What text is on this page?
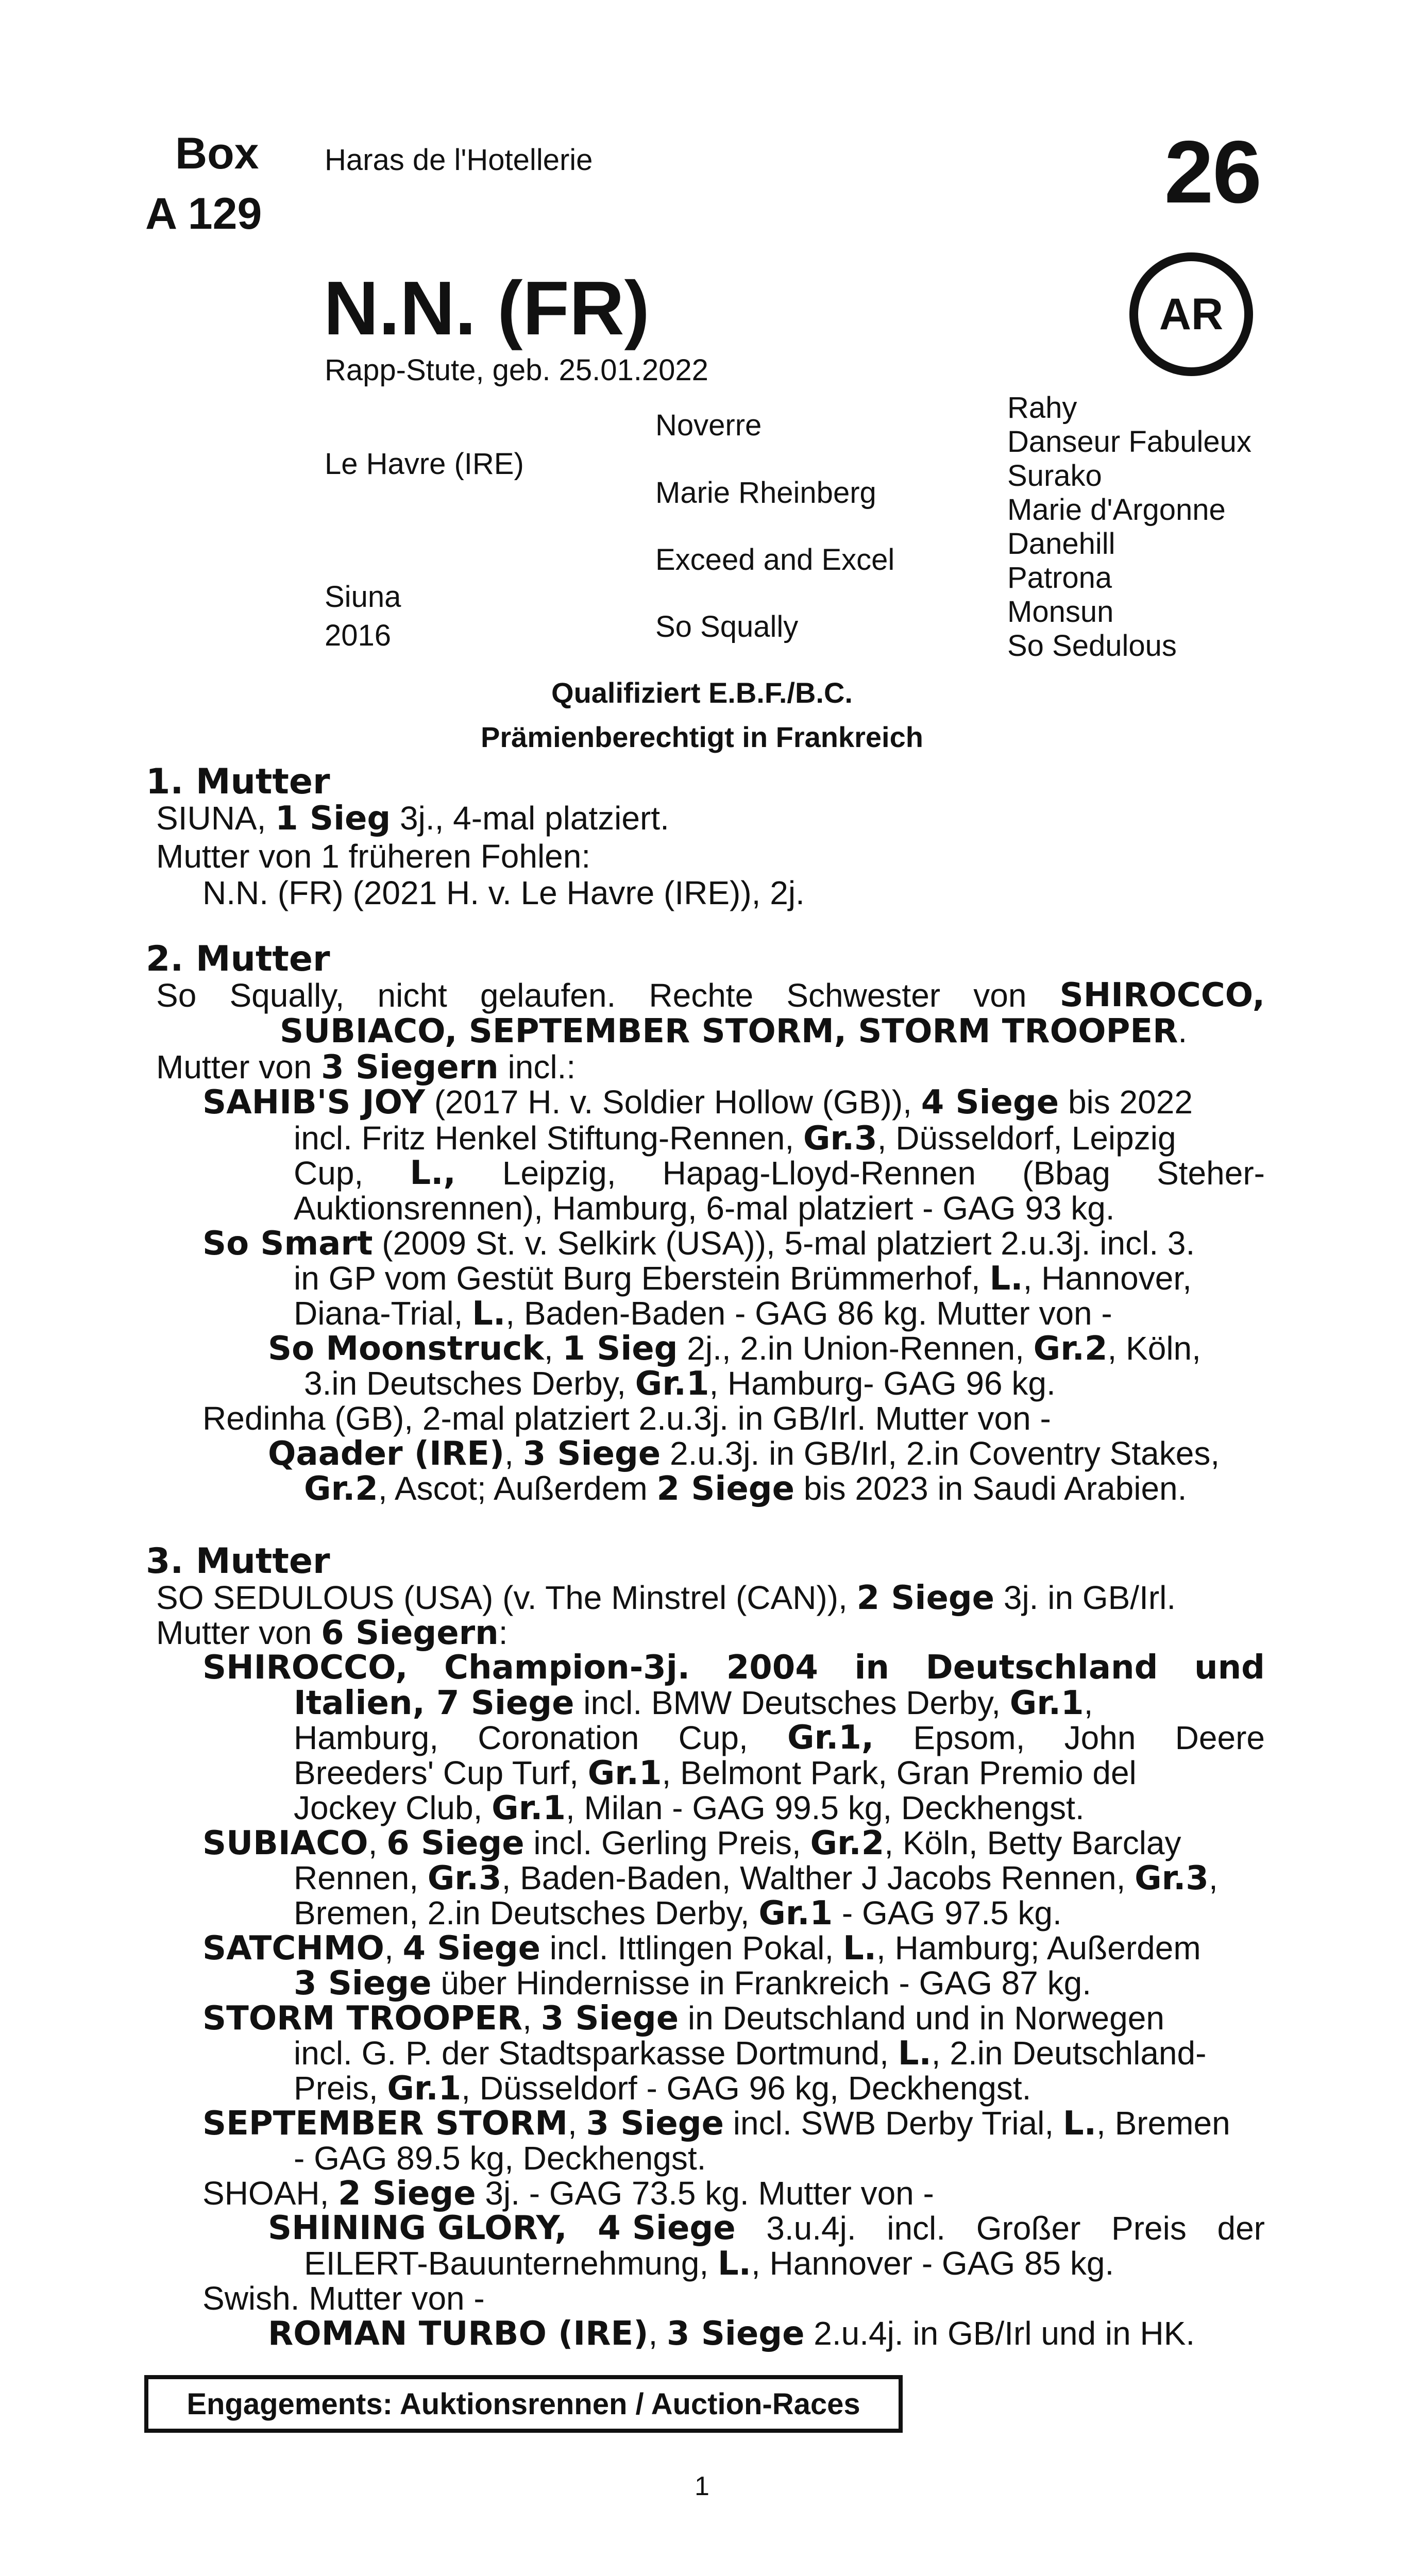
Box
A 129
Haras de l'Hotellerie	26
AR
N.N. (FR)
Rapp-Stute, geb. 25.01.2022
Le Havre (IRE)
Siuna
2016
Noverre
Marie Rheinberg
Exceed and Excel
So Squally
Rahy
Danseur Fabuleux
Surako
Marie d'Argonne
Danehill
Patrona
Monsun
So Sedulous
Qualifiziert E.B.F./B.C.
Prämienberechtigt in Frankreich
1. Mutter
SIUNA, 1 Sieg 3j., 4-mal platziert.
Mutter von 1 früheren Fohlen:
N.N. (FR) (2021 H. v. Le Havre (IRE)), 2j.
2. Mutter
So Squally, nicht gelaufen. Rechte Schwester von SHIROCCO,
SUBIACO, SEPTEMBER STORM, STORM TROOPER.
Mutter von 3 Siegern incl.:
SAHIB'S JOY (2017 H. v. Soldier Hollow (GB)), 4 Siege bis 2022
incl. Fritz Henkel Stiftung-Rennen, Gr.3, Düsseldorf, Leipzig
Cup, L., Leipzig, Hapag-Lloyd-Rennen (Bbag Steher-
Auktionsrennen), Hamburg, 6-mal platziert - GAG 93 kg.
So Smart (2009 St. v. Selkirk (USA)), 5-mal platziert 2.u.3j. incl. 3.
in GP vom Gestüt Burg Eberstein Brümmerhof, L., Hannover,
Diana-Trial, L., Baden-Baden - GAG 86 kg. Mutter von -
So Moonstruck, 1 Sieg 2j., 2.in Union-Rennen, Gr.2, Köln,
3.in Deutsches Derby, Gr.1, Hamburg- GAG 96 kg.
Redinha (GB), 2-mal platziert 2.u.3j. in GB/Irl. Mutter von -
Qaader (IRE), 3 Siege 2.u.3j. in GB/Irl, 2.in Coventry Stakes,
Gr.2, Ascot; Außerdem 2 Siege bis 2023 in Saudi Arabien.
3. Mutter
SO SEDULOUS (USA) (v. The Minstrel (CAN)), 2 Siege 3j. in GB/Irl.
Mutter von 6 Siegern:
SHIROCCO, Champion-3j. 2004 in Deutschland und
Italien, 7 Siege incl. BMW Deutsches Derby, Gr.1,
Hamburg, Coronation Cup, Gr.1, Epsom, John Deere
Breeders' Cup Turf, Gr.1, Belmont Park, Gran Premio del
Jockey Club, Gr.1, Milan - GAG 99.5 kg, Deckhengst.
SUBIACO, 6 Siege incl. Gerling Preis, Gr.2, Köln, Betty Barclay
Rennen, Gr.3, Baden-Baden, Walther J Jacobs Rennen, Gr.3,
Bremen, 2.in Deutsches Derby, Gr.1 - GAG 97.5 kg.
SATCHMO, 4 Siege incl. Ittlingen Pokal, L., Hamburg; Außerdem
3 Siege über Hindernisse in Frankreich - GAG 87 kg.
STORM TROOPER, 3 Siege in Deutschland und in Norwegen
incl. G. P. der Stadtsparkasse Dortmund, L., 2.in Deutschland-
Preis, Gr.1, Düsseldorf - GAG 96 kg, Deckhengst.
SEPTEMBER STORM, 3 Siege incl. SWB Derby Trial, L., Bremen
- GAG 89.5 kg, Deckhengst.
SHOAH, 2 Siege 3j. - GAG 73.5 kg. Mutter von -
SHINING GLORY, 4 Siege 3.u.4j. incl. Großer Preis der
EILERT-Bauunternehmung, L., Hannover - GAG 85 kg.
Swish. Mutter von -
ROMAN TURBO (IRE), 3 Siege 2.u.4j. in GB/Irl und in HK.
Engagements: Auktionsrennen / Auction-Races
1
